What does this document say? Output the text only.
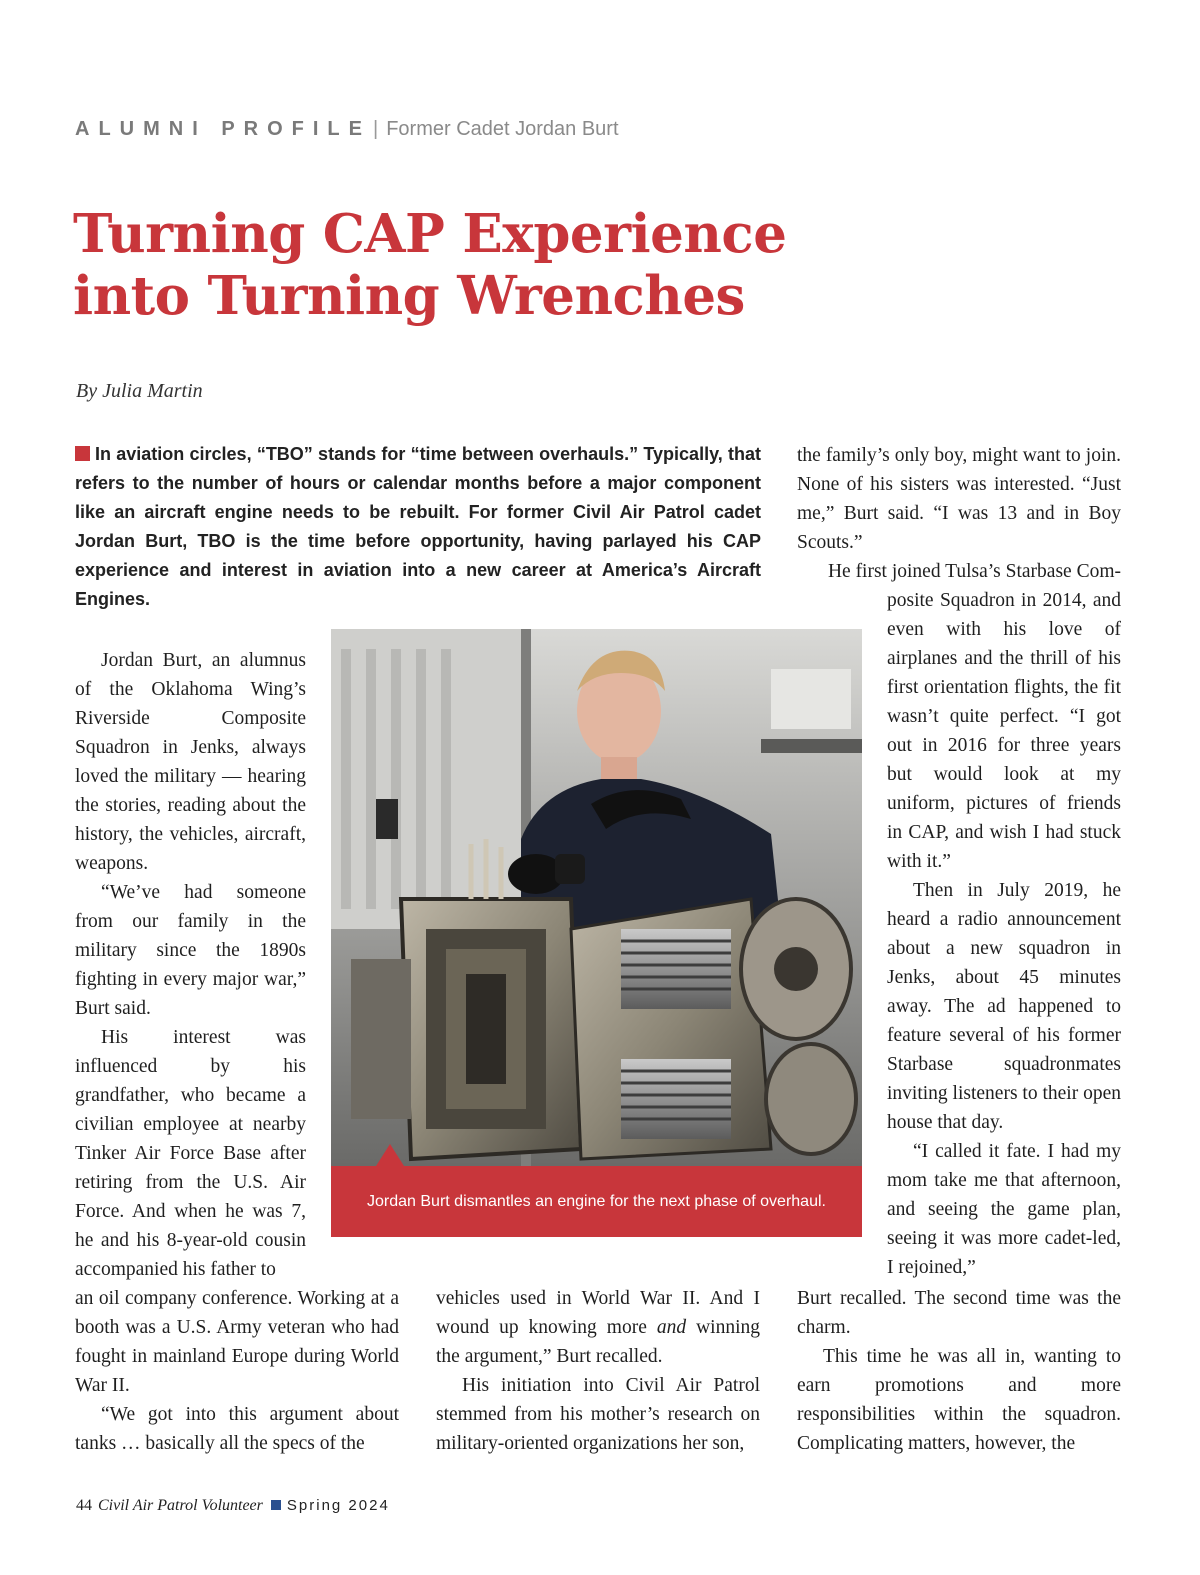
ALUMNI PROFILE | Former Cadet Jordan Burt
Turning CAP Experience
into Turning Wrenches
By Julia Martin

In aviation circles, “TBO” stands for “time between overhauls.” Typically, that refers to the number of hours or calendar months before a major component like an aircraft engine needs to be rebuilt. For former Civil Air Patrol cadet Jordan Burt, TBO is the time before opportunity, having parlayed his CAP experience and interest in aviation into a new career at America’s Aircraft Engines.

Jordan Burt, an alumnus of the Oklahoma Wing’s Riverside Composite Squadron in Jenks, always loved the military — hearing the stories, reading about the history, the vehicles, aircraft, weapons.

“We’ve had someone from our family in the military since the 1890s fighting in every major war,” Burt said.

His interest was influenced by his grandfather, who became a civilian employee at nearby Tinker Air Force Base after retiring from the U.S. Air Force. And when he was 7, he and his 8-year-old cousin accompanied his father to

an oil company conference. Working at a booth was a U.S. Army veteran who had fought in mainland Europe during World War II.

“We got into this argument about tanks … basically all the specs of the

vehicles used in World War II. And I wound up knowing more and winning the argument,” Burt recalled.

His initiation into Civil Air Patrol stemmed from his mother’s research on military-oriented organizations her son,

the family’s only boy, might want to join. None of his sisters was interested. “Just me,” Burt said. “I was 13 and in Boy Scouts.”

He first joined Tulsa’s Starbase Com-

posite Squadron in 2014, and even with his love of airplanes and the thrill of his first orientation flights, the fit wasn’t quite perfect. “I got out in 2016 for three years but would look at my uniform, pictures of friends in CAP, and wish I had stuck with it.”

Then in July 2019, he heard a radio announcement about a new squadron in Jenks, about 45 minutes away. The ad happened to feature several of his former Starbase squadronmates inviting listeners to their open house that day.

“I called it fate. I had my mom take me that afternoon, and seeing the game plan, seeing it was more cadet-led, I rejoined,”

Burt recalled. The second time was the charm.

This time he was all in, wanting to earn promotions and more responsibilities within the squadron. Complicating matters, however, the

Jordan Burt dismantles an engine for the next phase of overhaul.
44 Civil Air Patrol Volunteer Spring 2024
